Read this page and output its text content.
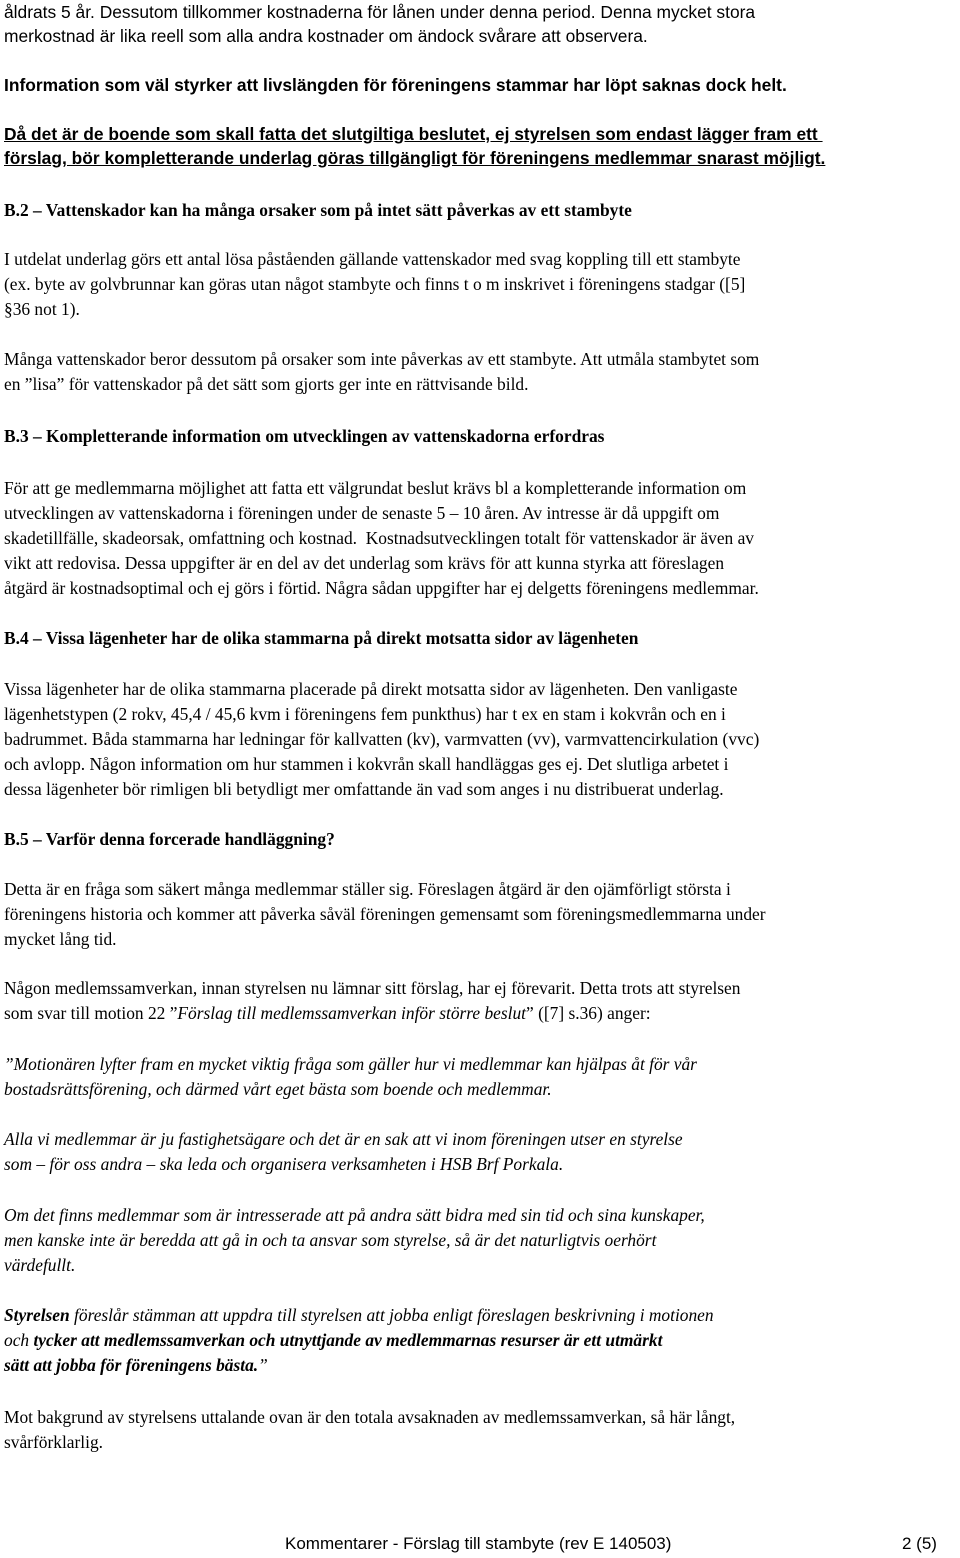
åldrats 5 år. Dessutom tillkommer kostnaderna för lånen under denna period. Denna mycket stora

merkostnad är lika reell som alla andra kostnader om ändock svårare att observera.

Information som väl styrker att livslängden för föreningens stammar har löpt saknas dock helt.

Då det är de boende som skall fatta det slutgiltiga beslutet, ej styrelsen som endast lägger fram ett

förslag, bör kompletterande underlag göras tillgängligt för föreningens medlemmar snarast möjligt.

B.2 – Vattenskador kan ha många orsaker som på intet sätt påverkas av ett stambyte

I utdelat underlag görs ett antal lösa påståenden gällande vattenskador med svag koppling till ett stambyte

(ex. byte av golvbrunnar kan göras utan något stambyte och finns t o m inskrivet i föreningens stadgar ([5]

§36 not 1).

Många vattenskador beror dessutom på orsaker som inte påverkas av ett stambyte. Att utmåla stambytet som

en ”lisa” för vattenskador på det sätt som gjorts ger inte en rättvisande bild.

B.3 – Kompletterande information om utvecklingen av vattenskadorna erfordras

För att ge medlemmarna möjlighet att fatta ett välgrundat beslut krävs bl a kompletterande information om

utvecklingen av vattenskadorna i föreningen under de senaste 5 – 10 åren. Av intresse är då uppgift om

skadetillfälle, skadeorsak, omfattning och kostnad.  Kostnadsutvecklingen totalt för vattenskador är även av

vikt att redovisa. Dessa uppgifter är en del av det underlag som krävs för att kunna styrka att föreslagen

åtgärd är kostnadsoptimal och ej görs i förtid. Några sådan uppgifter har ej delgetts föreningens medlemmar.

B.4 – Vissa lägenheter har de olika stammarna på direkt motsatta sidor av lägenheten

Vissa lägenheter har de olika stammarna placerade på direkt motsatta sidor av lägenheten. Den vanligaste

lägenhetstypen (2 rokv, 45,4 / 45,6 kvm i föreningens fem punkthus) har t ex en stam i kokvrån och en i

badrummet. Båda stammarna har ledningar för kallvatten (kv), varmvatten (vv), varmvattencirkulation (vvc)

och avlopp. Någon information om hur stammen i kokvrån skall handläggas ges ej. Det slutliga arbetet i

dessa lägenheter bör rimligen bli betydligt mer omfattande än vad som anges i nu distribuerat underlag.

B.5 – Varför denna forcerade handläggning?

Detta är en fråga som säkert många medlemmar ställer sig. Föreslagen åtgärd är den ojämförligt största i

föreningens historia och kommer att påverka såväl föreningen gemensamt som föreningsmedlemmarna under

mycket lång tid.

Någon medlemssamverkan, innan styrelsen nu lämnar sitt förslag, har ej förevarit. Detta trots att styrelsen

som svar till motion 22 ”Förslag till medlemssamverkan inför större beslut” ([7] s.36) anger:

”Motionären lyfter fram en mycket viktig fråga som gäller hur vi medlemmar kan hjälpas åt för vår

bostadsrättsförening, och därmed vårt eget bästa som boende och medlemmar.

Alla vi medlemmar är ju fastighetsägare och det är en sak att vi inom föreningen utser en styrelse

som – för oss andra – ska leda och organisera verksamheten i HSB Brf Porkala.

Om det finns medlemmar som är intresserade att på andra sätt bidra med sin tid och sina kunskaper,

men kanske inte är beredda att gå in och ta ansvar som styrelse, så är det naturligtvis oerhört

värdefullt.

Styrelsen föreslår stämman att uppdra till styrelsen att jobba enligt föreslagen beskrivning i motionen

och tycker att medlemssamverkan och utnyttjande av medlemmarnas resurser är ett utmärkt

sätt att jobba för föreningens bästa.”

Mot bakgrund av styrelsens uttalande ovan är den totala avsaknaden av medlemssamverkan, så här långt,

svårförklarlig.

Kommentarer - Förslag till stambyte (rev E 140503)	2 (5)
